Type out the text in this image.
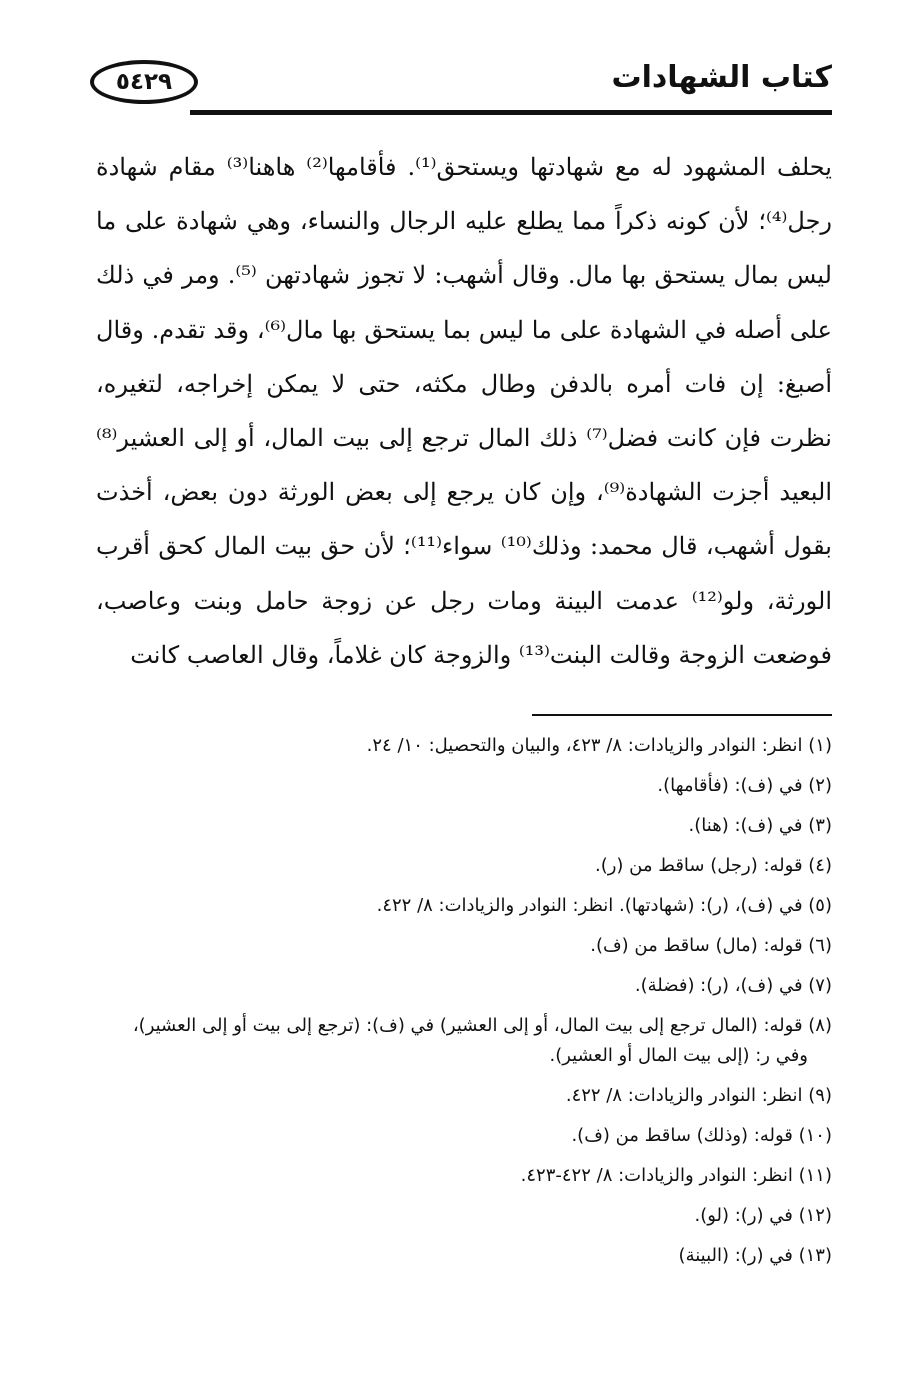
٥٤٢٩	كتاب الشهادات

يحلف المشهود له مع شهادتها ويستحق⁽¹⁾. فأقامها⁽²⁾ هاهنا⁽³⁾ مقام شهادة رجل⁽⁴⁾؛ لأن كونه ذكراً مما يطلع عليه الرجال والنساء، وهي شهادة على ما ليس بمال يستحق بها مال. وقال أشهب: لا تجوز شهادتهن ⁽⁵⁾. ومر في ذلك على أصله في الشهادة على ما ليس بما يستحق بها مال⁽⁶⁾، وقد تقدم. وقال أصبغ: إن فات أمره بالدفن وطال مكثه، حتى لا يمكن إخراجه، لتغيره، نظرت فإن كانت فضل⁽⁷⁾ ذلك المال ترجع إلى بيت المال، أو إلى العشير⁽⁸⁾ البعيد أجزت الشهادة⁽⁹⁾، وإن كان يرجع إلى بعض الورثة دون بعض، أخذت بقول أشهب، قال محمد: وذلك⁽¹⁰⁾ سواء⁽¹¹⁾؛ لأن حق بيت المال كحق أقرب الورثة، ولو⁽¹²⁾ عدمت البينة ومات رجل عن زوجة حامل وبنت وعاصب، فوضعت الزوجة وقالت البنت⁽¹³⁾ والزوجة كان غلاماً، وقال العاصب كانت

(١) انظر: النوادر والزيادات: ٨/ ٤٢٣، والبيان والتحصيل: ١٠/ ٢٤.

(٢) في (ف): (فأقامها).

(٣) في (ف): (هنا).

(٤) قوله: (رجل) ساقط من (ر).

(٥) في (ف)، (ر): (شهادتها). انظر: النوادر والزيادات: ٨/ ٤٢٢.

(٦) قوله: (مال) ساقط من (ف).

(٧) في (ف)، (ر): (فضلة).

(٨) قوله: (المال ترجع إلى بيت المال، أو إلى العشير) في (ف): (ترجع إلى بيت أو إلى العشير)،

وفي ر: (إلى بيت المال أو العشير).

(٩) انظر: النوادر والزيادات: ٨/ ٤٢٢.

(١٠) قوله: (وذلك) ساقط من (ف).

(١١) انظر: النوادر والزيادات: ٨/ ٤٢٢-٤٢٣.

(١٢) في (ر): (لو).

(١٣) في (ر): (البينة)
